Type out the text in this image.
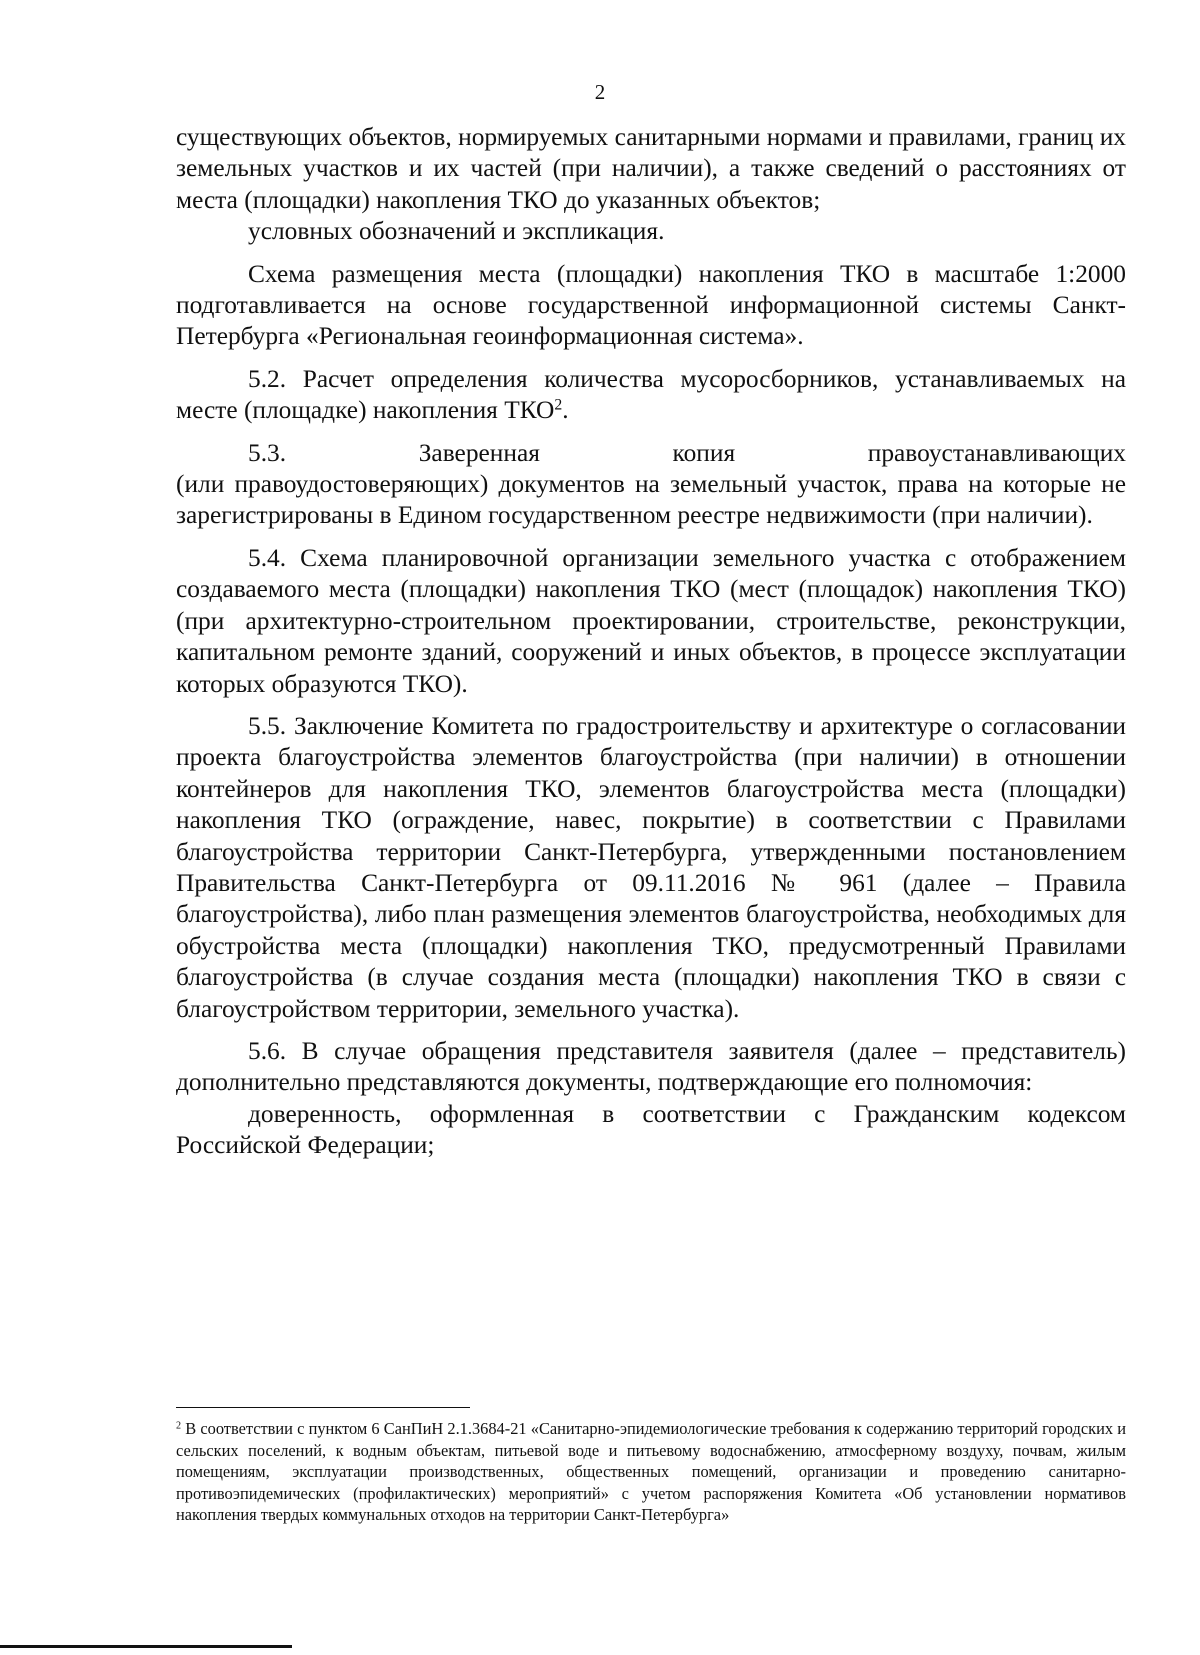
2

существующих объектов, нормируемых санитарными нормами и правилами, границ их земельных участков и их частей (при наличии), а также сведений о расстояниях от места (площадки) накопления ТКО до указанных объектов;

условных обозначений и экспликация.

Схема размещения места (площадки) накопления ТКО в масштабе 1:2000 подготавливается на основе государственной информационной системы Санкт-Петербурга «Региональная геоинформационная система».

5.2. Расчет определения количества мусоросборников, устанавливаемых на месте (площадке) накопления ТКО$^2$.

5.3. Заверенная копия правоустанавливающих

(или правоудостоверяющих) документов на земельный участок, права на которые не зарегистрированы в Едином государственном реестре недвижимости (при наличии).

5.4. Схема планировочной организации земельного участка с отображением создаваемого места (площадки) накопления ТКО (мест (площадок) накопления ТКО) (при архитектурно-строительном проектировании, строительстве, реконструкции, капитальном ремонте зданий, сооружений и иных объектов, в процессе эксплуатации которых образуются ТКО).

5.5. Заключение Комитета по градостроительству и архитектуре о согласовании проекта благоустройства элементов благоустройства (при наличии) в отношении контейнеров для накопления ТКО, элементов благоустройства места (площадки) накопления ТКО (ограждение, навес, покрытие) в соответствии с Правилами благоустройства территории Санкт-Петербурга, утвержденными постановлением Правительства Санкт-Петербурга от 09.11.2016 № 961 (далее – Правила благоустройства), либо план размещения элементов благоустройства, необходимых для обустройства места (площадки) накопления ТКО, предусмотренный Правилами благоустройства (в случае создания места (площадки) накопления ТКО в связи с благоустройством территории, земельного участка).

5.6. В случае обращения представителя заявителя (далее – представитель) дополнительно представляются документы, подтверждающие его полномочия:

доверенность, оформленная в соответствии с Гражданским кодексом Российской Федерации;

$^2$ В соответствии с пунктом 6 СанПиН 2.1.3684-21 «Санитарно-эпидемиологические требования к содержанию территорий городских и сельских поселений, к водным объектам, питьевой воде и питьевому водоснабжению, атмосферному воздуху, почвам, жилым помещениям, эксплуатации производственных, общественных помещений, организации и проведению санитарно-противоэпидемических (профилактических) мероприятий» с учетом распоряжения Комитета «Об установлении нормативов накопления твердых коммунальных отходов на территории Санкт-Петербурга»
